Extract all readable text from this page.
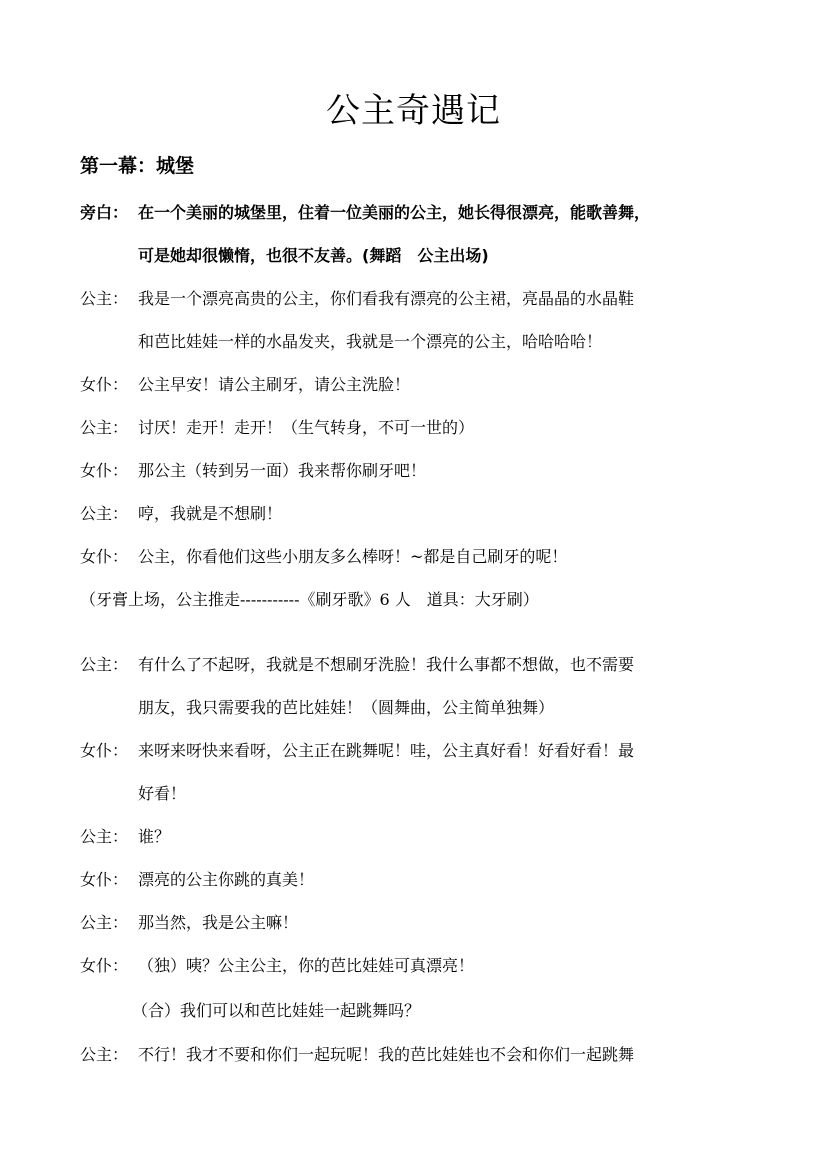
公主奇遇记
第一幕：城堡
旁白： 在一个美丽的城堡里，住着一位美丽的公主，她长得很漂亮，能歌善舞，
可是她却很懒惰，也很不友善。(舞蹈　公主出场)
公主： 我是一个漂亮高贵的公主，你们看我有漂亮的公主裙，亮晶晶的水晶鞋
和芭比娃娃一样的水晶发夹，我就是一个漂亮的公主，哈哈哈哈！
女仆： 公主早安！请公主刷牙，请公主洗脸！
公主： 讨厌！走开！走开！（生气转身，不可一世的）
女仆： 那公主（转到另一面）我来帮你刷牙吧！
公主： 哼，我就是不想刷！
女仆： 公主，你看他们这些小朋友多么棒呀！~都是自己刷牙的呢！
（牙膏上场，公主推走-----------《刷牙歌》6 人　道具：大牙刷）
公主： 有什么了不起呀，我就是不想刷牙洗脸！我什么事都不想做，也不需要
朋友，我只需要我的芭比娃娃！（圆舞曲，公主简单独舞）
女仆： 来呀来呀快来看呀，公主正在跳舞呢！哇，公主真好看！好看好看！最
好看！
公主： 谁？
女仆： 漂亮的公主你跳的真美！
公主： 那当然，我是公主嘛！
女仆： （独）咦？公主公主，你的芭比娃娃可真漂亮！
（合）我们可以和芭比娃娃一起跳舞吗？
公主： 不行！我才不要和你们一起玩呢！我的芭比娃娃也不会和你们一起跳舞
